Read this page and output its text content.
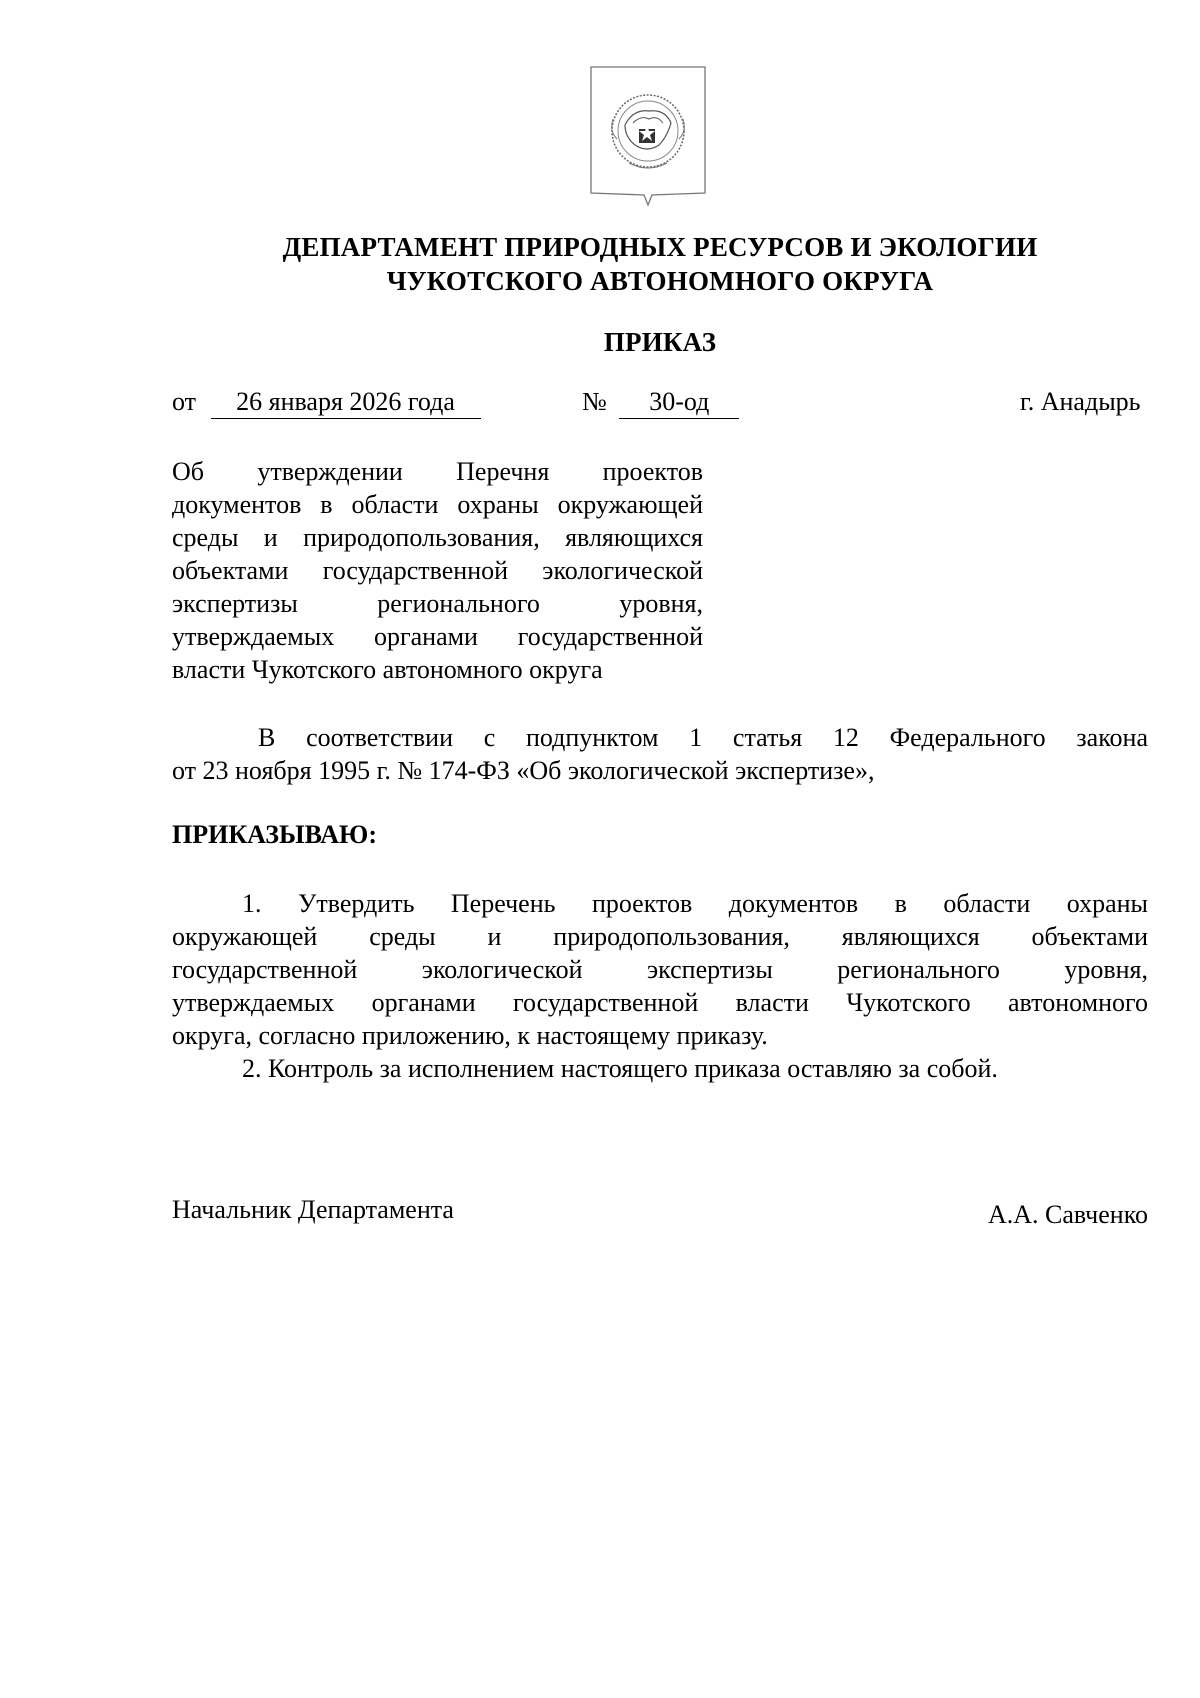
ДЕПАРТАМЕНТ ПРИРОДНЫХ РЕСУРСОВ И ЭКОЛОГИИ
ЧУКОТСКОГО АВТОНОМНОГО ОКРУГА
ПРИКАЗ
от 26 января 2026 года	№ 30-од	г. Анадырь
Об утверждении Перечня проектов
документов в области охраны окружающей
среды и природопользования, являющихся
объектами государственной экологической
экспертизы регионального уровня,
утверждаемых органами государственной
власти Чукотского автономного округа
В соответствии с подпунктом 1 статья 12 Федерального закона
от 23 ноября 1995 г. № 174-ФЗ «Об экологической экспертизе»,
ПРИКАЗЫВАЮ:
1. Утвердить Перечень проектов документов в области охраны
окружающей среды и природопользования, являющихся объектами
государственной экологической экспертизы регионального уровня,
утверждаемых органами государственной власти Чукотского автономного
округа, согласно приложению, к настоящему приказу.
2. Контроль за исполнением настоящего приказа оставляю за собой.
Начальник Департамента	А.А. Савченко
